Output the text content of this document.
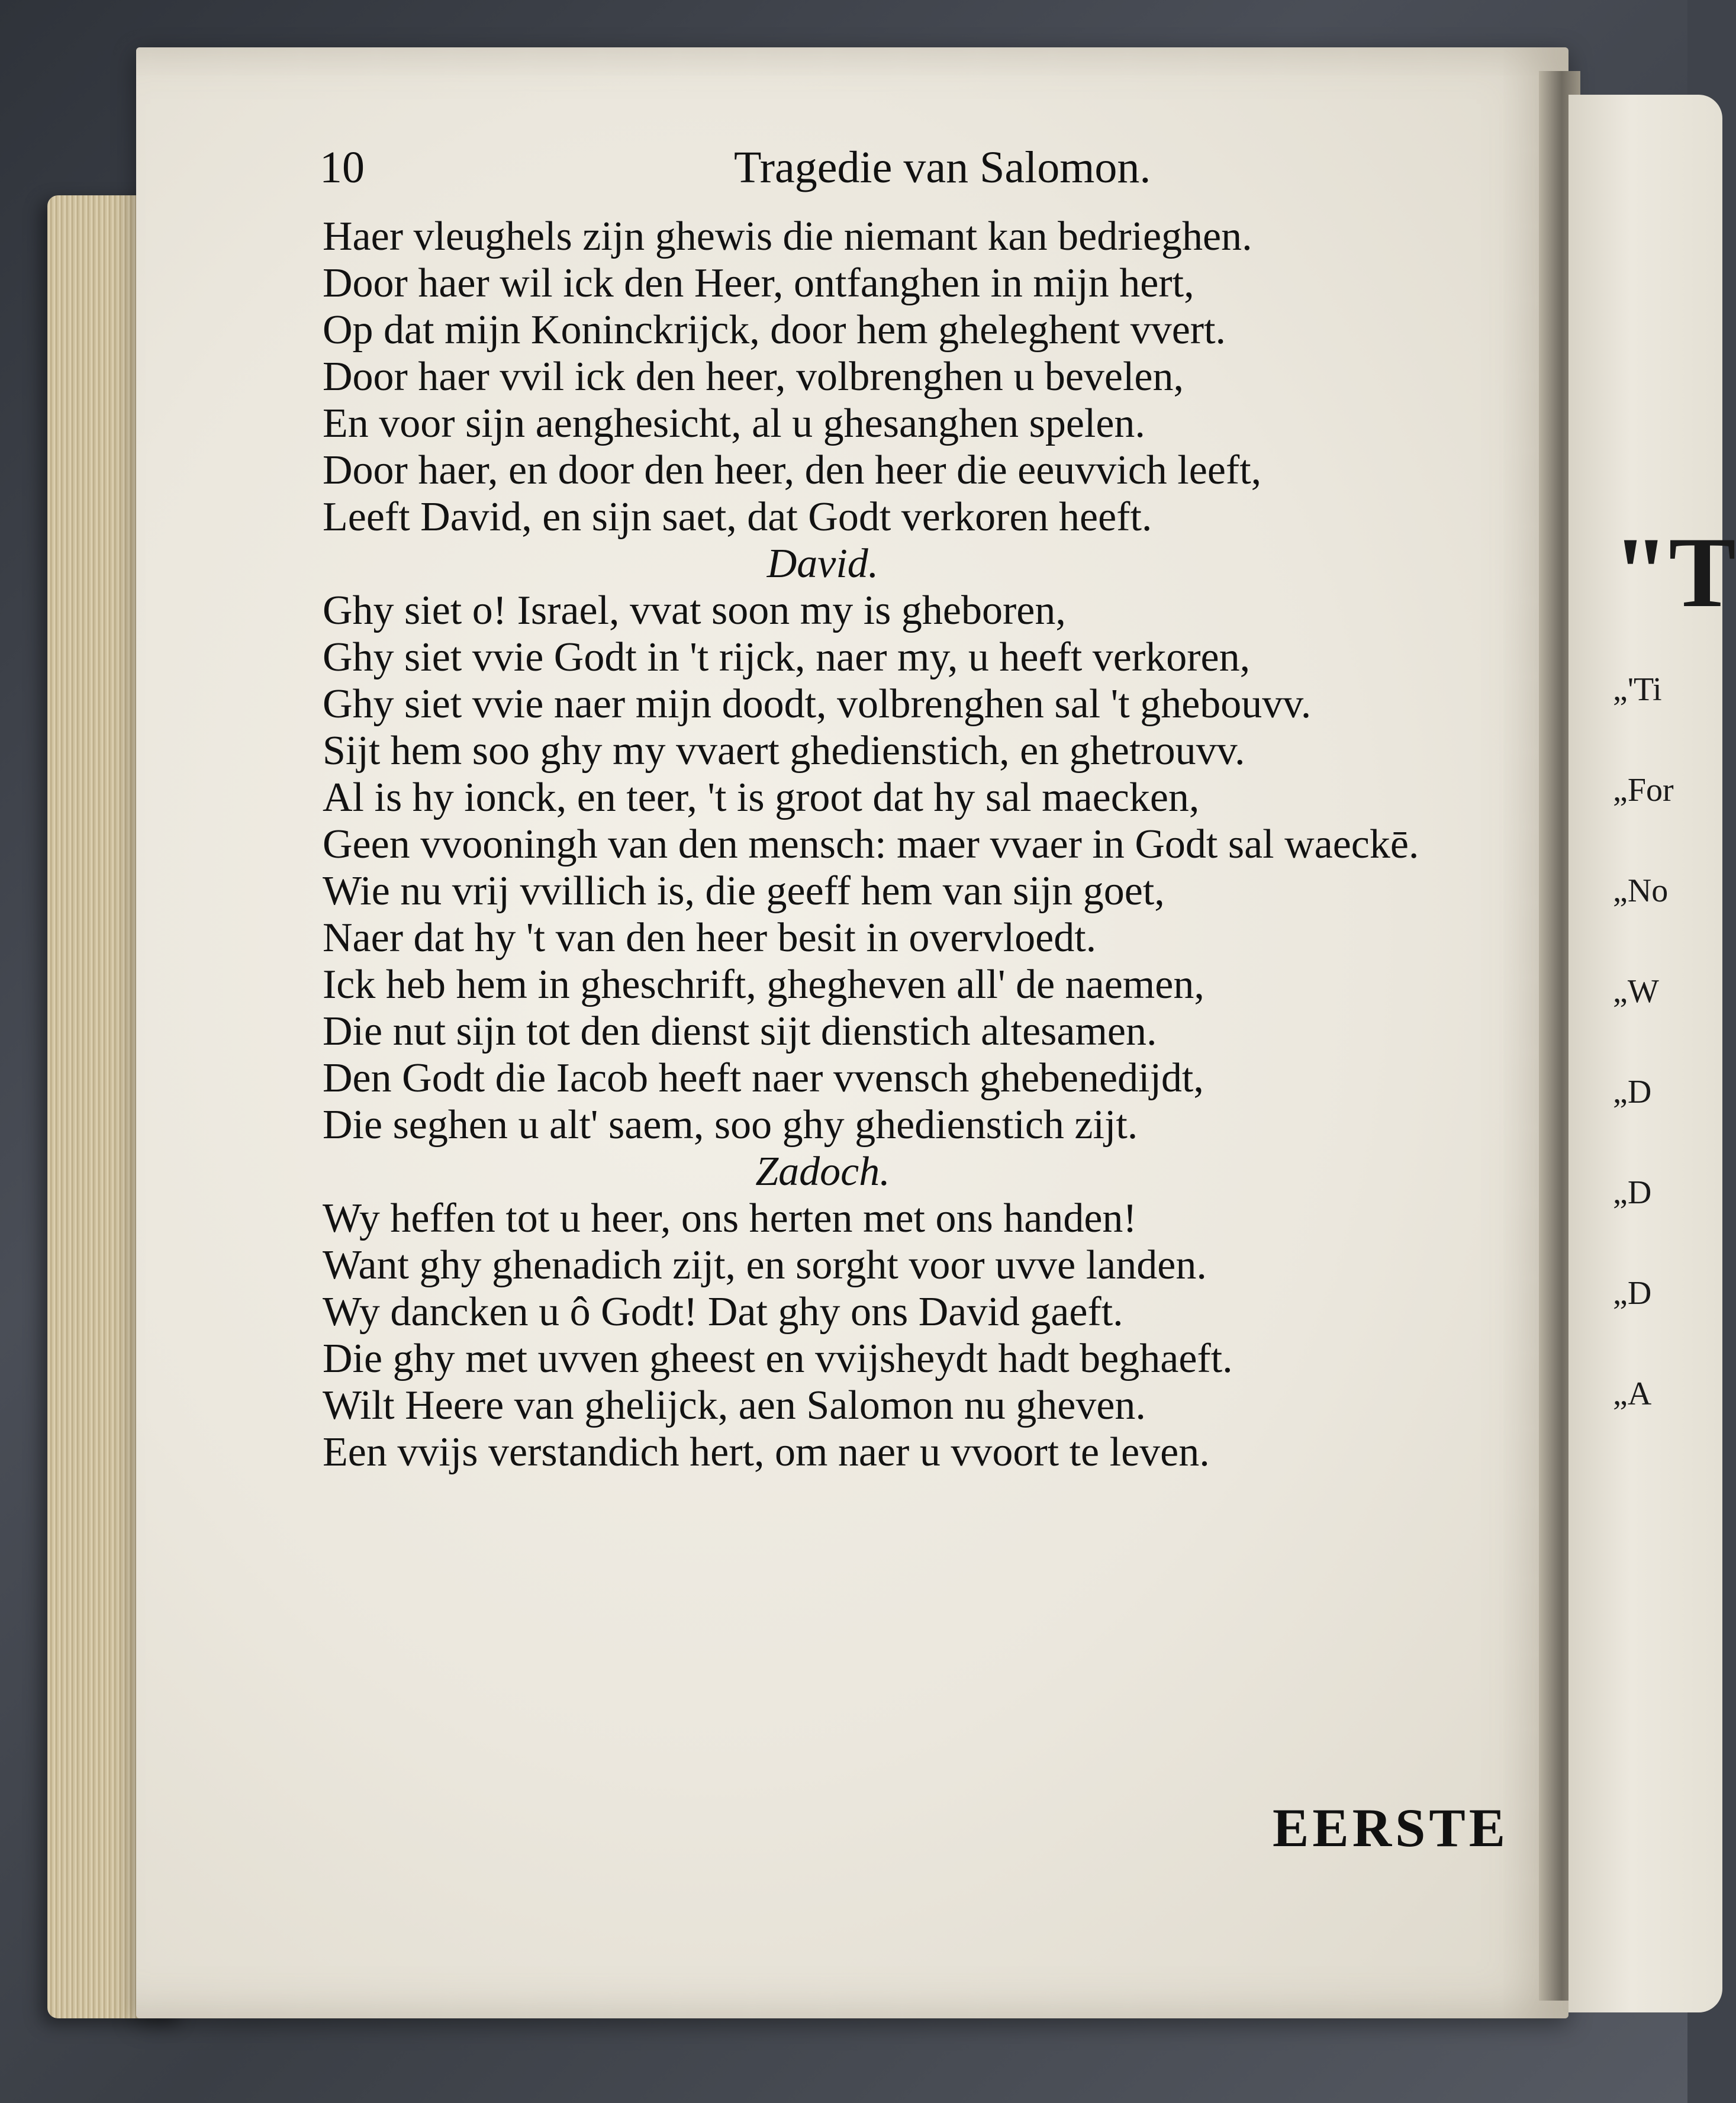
"T
„'Ti
„For
„No
„W
„D
„D
„D
„A
10	Tragedie van Salomon.
Haer vleughels zijn ghewis die niemant kan bedrieghen.
Door haer wil ick den Heer, ontfanghen in mijn hert,
Op dat mijn Koninckrijck, door hem gheleghent vvert.
Door haer vvil ick den heer, volbrenghen u bevelen,
En voor sijn aenghesicht, al u ghesanghen spelen.
Door haer, en door den heer, den heer die eeuvvich leeft,
Leeft David, en sijn saet, dat Godt verkoren heeft.
David.
Ghy siet o! Israel, vvat soon my is gheboren,
Ghy siet vvie Godt in 't rijck, naer my, u heeft verkoren,
Ghy siet vvie naer mijn doodt, volbrenghen sal 't ghebouvv.
Sijt hem soo ghy my vvaert ghedienstich, en ghetrouvv.
Al is hy ionck, en teer, 't is groot dat hy sal maecken,
Geen vvooningh van den mensch: maer vvaer in Godt sal waeckē.
Wie nu vrij vvillich is, die geeff hem van sijn goet,
Naer dat hy 't van den heer besit in overvloedt.
Ick heb hem in gheschrift, ghegheven all' de naemen,
Die nut sijn tot den dienst sijt dienstich altesamen.
Den Godt die Iacob heeft naer vvensch ghebenedijdt,
Die seghen u alt' saem, soo ghy ghedienstich zijt.
Zadoch.
Wy heffen tot u heer, ons herten met ons handen!
Want ghy ghenadich zijt, en sorght voor uvve landen.
Wy dancken u ô Godt! Dat ghy ons David gaeft.
Die ghy met uvven gheest en vvijsheydt hadt beghaeft.
Wilt Heere van ghelijck, aen Salomon nu gheven.
Een vvijs verstandich hert, om naer u vvoort te leven.
EERSTE
